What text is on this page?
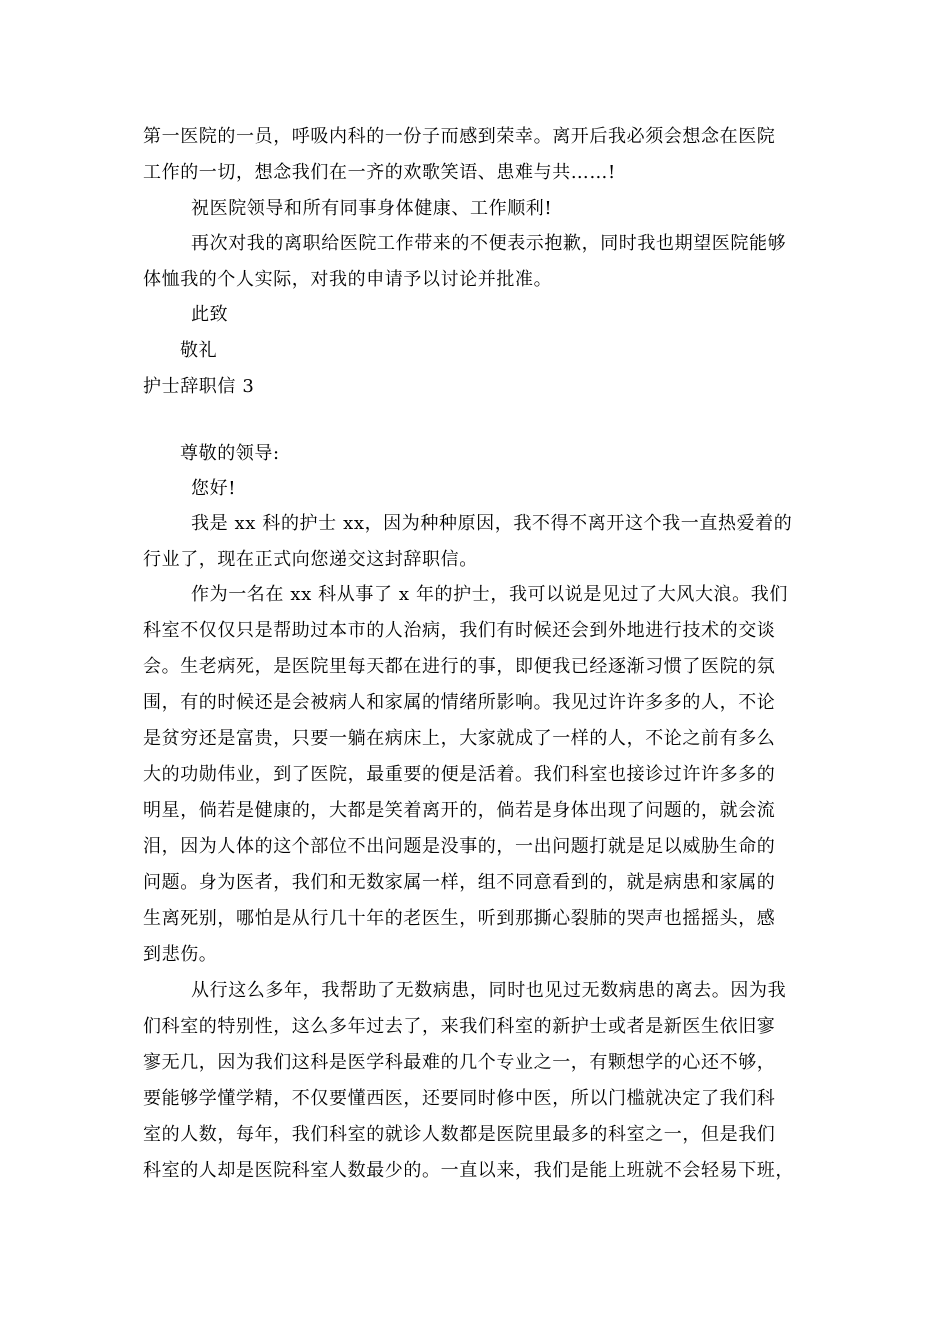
第一医院的一员，呼吸内科的一份子而感到荣幸。离开后我必须会想念在医院
工作的一切，想念我们在一齐的欢歌笑语、患难与共……!
祝医院领导和所有同事身体健康、工作顺利!
再次对我的离职给医院工作带来的不便表示抱歉，同时我也期望医院能够
体恤我的个人实际，对我的申请予以讨论并批准。
此致
敬礼
护士辞职信 3
尊敬的领导:
您好!
我是 xx 科的护士 xx，因为种种原因，我不得不离开这个我一直热爱着的
行业了，现在正式向您递交这封辞职信。
作为一名在 xx 科从事了 x 年的护士，我可以说是见过了大风大浪。我们
科室不仅仅只是帮助过本市的人治病，我们有时候还会到外地进行技术的交谈
会。生老病死，是医院里每天都在进行的事，即便我已经逐渐习惯了医院的氛
围，有的时候还是会被病人和家属的情绪所影响。我见过许许多多的人，不论
是贫穷还是富贵，只要一躺在病床上，大家就成了一样的人，不论之前有多么
大的功勋伟业，到了医院，最重要的便是活着。我们科室也接诊过许许多多的
明星，倘若是健康的，大都是笑着离开的，倘若是身体出现了问题的，就会流
泪，因为人体的这个部位不出问题是没事的，一出问题打就是足以威胁生命的
问题。身为医者，我们和无数家属一样，组不同意看到的，就是病患和家属的
生离死别，哪怕是从行几十年的老医生，听到那撕心裂肺的哭声也摇摇头，感
到悲伤。
从行这么多年，我帮助了无数病患，同时也见过无数病患的离去。因为我
们科室的特别性，这么多年过去了，来我们科室的新护士或者是新医生依旧寥
寥无几，因为我们这科是医学科最难的几个专业之一，有颗想学的心还不够，
要能够学懂学精，不仅要懂西医，还要同时修中医，所以门槛就决定了我们科
室的人数，每年，我们科室的就诊人数都是医院里最多的科室之一，但是我们
科室的人却是医院科室人数最少的。一直以来，我们是能上班就不会轻易下班，
